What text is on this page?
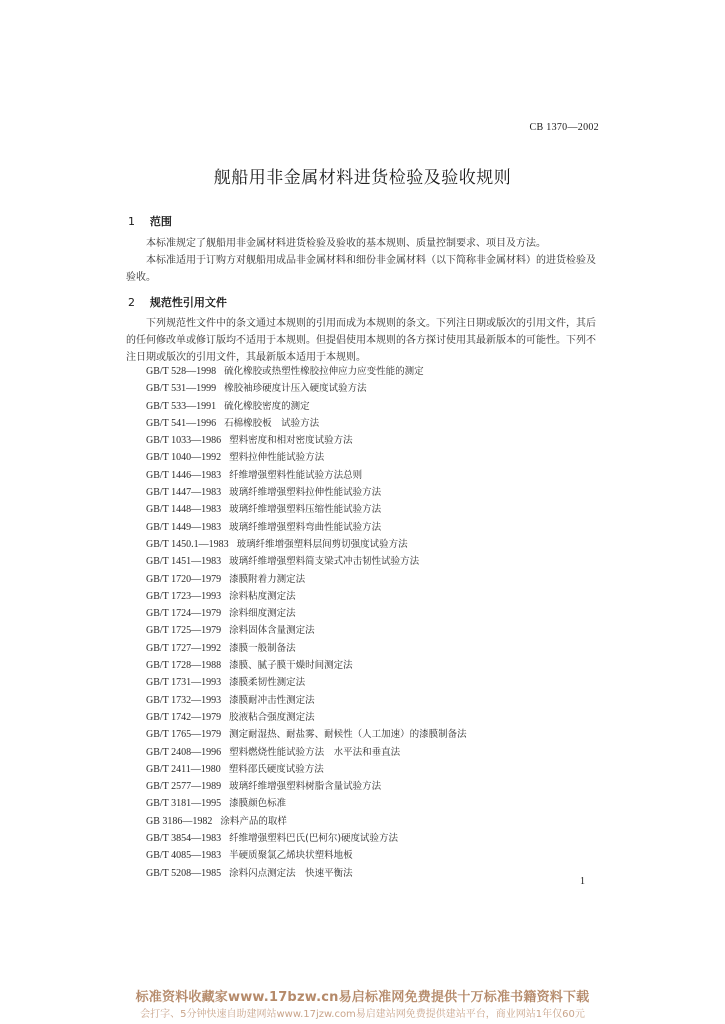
CB 1370—2002
舰船用非金属材料进货检验及验收规则
1 范围
本标准规定了舰船用非金属材料进货检验及验收的基本规则、质量控制要求、项目及方法。
本标准适用于订购方对舰船用成品非金属材料和细份非金属材料（以下简称非金属材料）的进货检验及验收。
2 规范性引用文件
下列规范性文件中的条文通过本规则的引用而成为本规则的条文。下列注日期或版次的引用文件，其后的任何修改单或修订版均不适用于本规则。但提倡使用本规则的各方探讨使用其最新版本的可能性。下列不注日期或版次的引用文件，其最新版本适用于本规则。
GB/T 528—1998 硫化橡胶或热塑性橡胶拉伸应力应变性能的测定
GB/T 531—1999 橡胶袖珍硬度计压入硬度试验方法
GB/T 533—1991 硫化橡胶密度的测定
GB/T 541—1996 石棉橡胶板　试验方法
GB/T 1033—1986 塑料密度和相对密度试验方法
GB/T 1040—1992 塑料拉伸性能试验方法
GB/T 1446—1983 纤维增强塑料性能试验方法总则
GB/T 1447—1983 玻璃纤维增强塑料拉伸性能试验方法
GB/T 1448—1983 玻璃纤维增强塑料压缩性能试验方法
GB/T 1449—1983 玻璃纤维增强塑料弯曲性能试验方法
GB/T 1450.1—1983 玻璃纤维增强塑料层间剪切强度试验方法
GB/T 1451—1983 玻璃纤维增强塑料简支梁式冲击韧性试验方法
GB/T 1720—1979 漆膜附着力测定法
GB/T 1723—1993 涂料粘度测定法
GB/T 1724—1979 涂料细度测定法
GB/T 1725—1979 涂料固体含量测定法
GB/T 1727—1992 漆膜一般制备法
GB/T 1728—1988 漆膜、腻子膜干燥时间测定法
GB/T 1731—1993 漆膜柔韧性测定法
GB/T 1732—1993 漆膜耐冲击性测定法
GB/T 1742—1979 胶液粘合强度测定法
GB/T 1765—1979 测定耐湿热、耐盐雾、耐候性（人工加速）的漆膜制备法
GB/T 2408—1996 塑料燃烧性能试验方法　水平法和垂直法
GB/T 2411—1980 塑料邵氏硬度试验方法
GB/T 2577—1989 玻璃纤维增强塑料树脂含量试验方法
GB/T 3181—1995 漆膜颜色标准
GB 3186—1982 涂料产品的取样
GB/T 3854—1983 纤维增强塑料巴氏(巴柯尔)硬度试验方法
GB/T 4085—1983 半硬质聚氯乙烯块状塑料地板
GB/T 5208—1985 涂料闪点测定法　快速平衡法
1
标准资料收藏家www.17bzw.cn易启标准网免费提供十万标准书籍资料下载
会打字、5分钟快速自助建网站www.17jzw.com易启建站网免费提供建站平台，商业网站1年仅60元
